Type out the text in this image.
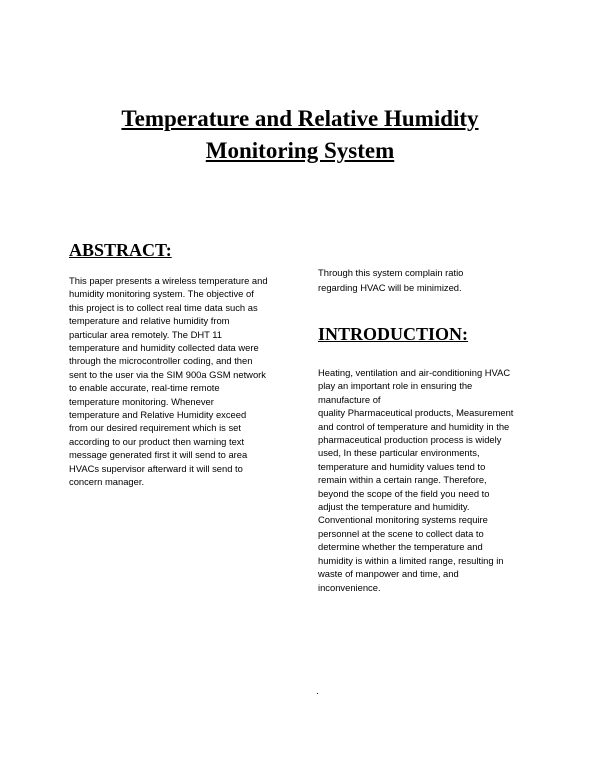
Temperature and Relative Humidity
Monitoring System
ABSTRACT:
This paper presents a wireless temperature and
humidity monitoring system. The objective of
this project is to collect real time data such as
temperature and relative humidity from
particular area remotely. The DHT 11
temperature and humidity collected data were
through the microcontroller coding, and then
sent to the user via the SIM 900a GSM network
to enable accurate, real-time remote
temperature monitoring. Whenever
temperature and Relative Humidity exceed
from our desired requirement which is set
according to our product then warning text
message generated first it will send to area
HVACs supervisor afterward it will send to
concern manager.
Through this system complain ratio
regarding HVAC will be minimized.
INTRODUCTION:
Heating, ventilation and air-conditioning HVAC
play an important role in ensuring the
manufacture of
quality Pharmaceutical products, Measurement
and control of temperature and humidity in the
pharmaceutical production process is widely
used, In these particular environments,
temperature and humidity values tend to
remain within a certain range. Therefore,
beyond the scope of the field you need to
adjust the temperature and humidity.
Conventional monitoring systems require
personnel at the scene to collect data to
determine whether the temperature and
humidity is within a limited range, resulting in
waste of manpower and time, and
inconvenience.
.
